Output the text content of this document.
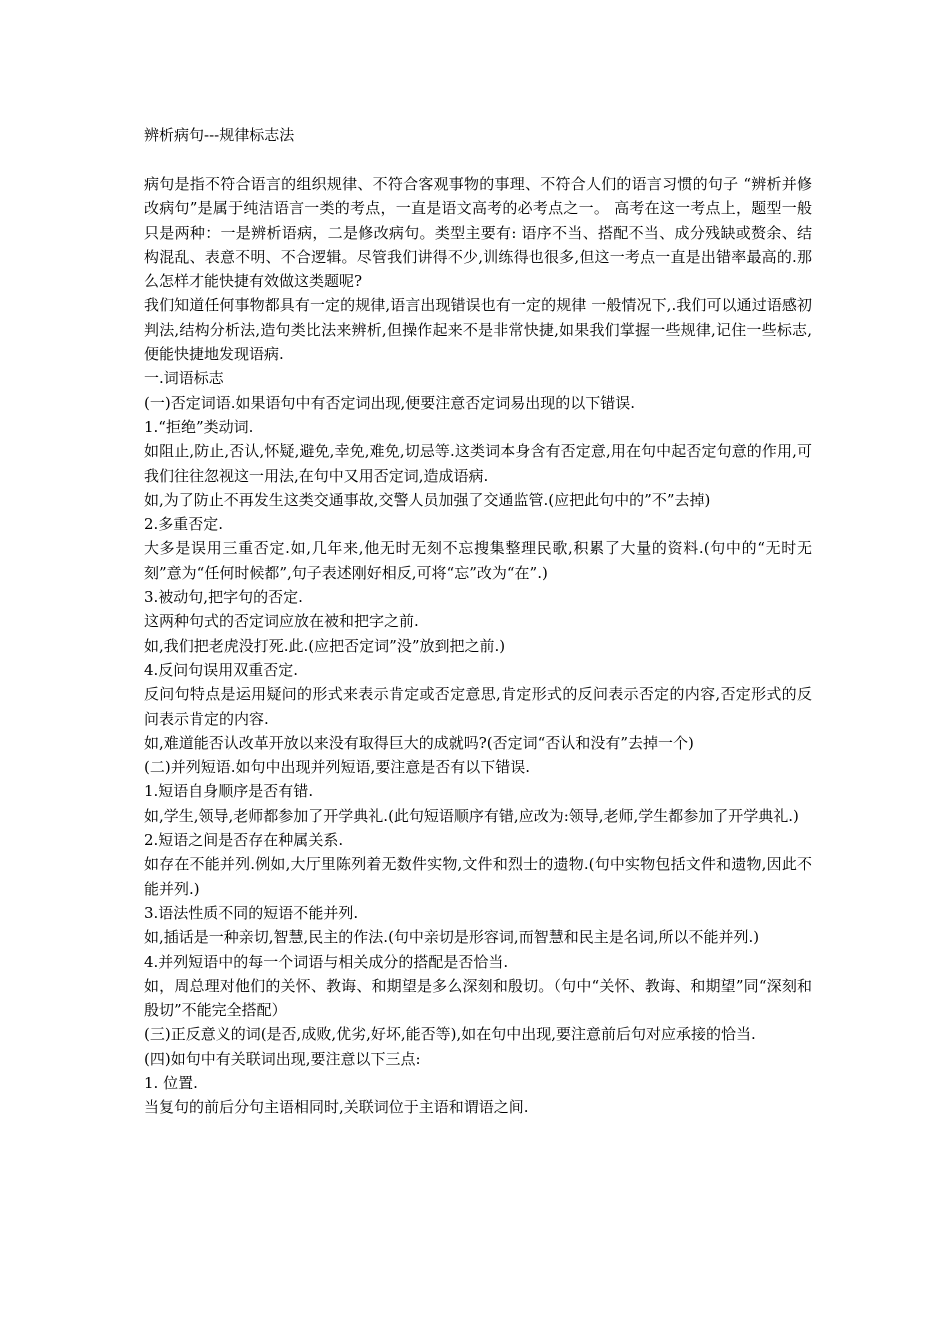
辨析病句---规律标志法

病句是指不符合语言的组织规律、不符合客观事物的事理、不符合人们的语言习惯的句子 “辨析并修改病句”是属于纯洁语言一类的考点，一直是语文高考的必考点之一。 高考在这一考点上，题型一般只是两种：一是辨析语病，二是修改病句。类型主要有: 语序不当、搭配不当、成分残缺或赘余、结构混乱、表意不明、不合逻辑。尽管我们讲得不少,训练得也很多,但这一考点一直是出错率最高的.那么怎样才能快捷有效做这类题呢?

我们知道任何事物都具有一定的规律,语言出现错误也有一定的规律 一般情况下,.我们可以通过语感初判法,结构分析法,造句类比法来辨析,但操作起来不是非常快捷,如果我们掌握一些规律,记住一些标志,便能快捷地发现语病.

一.词语标志

(一)否定词语.如果语句中有否定词出现,便要注意否定词易出现的以下错误.

1.“拒绝”类动词.

如阻止,防止,否认,怀疑,避免,幸免,难免,切忌等.这类词本身含有否定意,用在句中起否定句意的作用,可我们往往忽视这一用法,在句中又用否定词,造成语病.

如,为了防止不再发生这类交通事故,交警人员加强了交通监管.(应把此句中的”不”去掉)

2.多重否定.

大多是误用三重否定.如,几年来,他无时无刻不忘搜集整理民歌,积累了大量的资料.(句中的“无时无刻”意为“任何时候都”,句子表述刚好相反,可将“忘”改为“在”.)

3.被动句,把字句的否定.

这两种句式的否定词应放在被和把字之前.

如,我们把老虎没打死.此.(应把否定词”没”放到把之前.)

4.反问句误用双重否定.

反问句特点是运用疑问的形式来表示肯定或否定意思,肯定形式的反问表示否定的内容,否定形式的反问表示肯定的内容.

如,难道能否认改革开放以来没有取得巨大的成就吗?(否定词“否认和没有”去掉一个)

(二)并列短语.如句中出现并列短语,要注意是否有以下错误.

1.短语自身顺序是否有错.

如,学生,领导,老师都参加了开学典礼.(此句短语顺序有错,应改为:领导,老师,学生都参加了开学典礼.)

2.短语之间是否存在种属关系.

如存在不能并列.例如,大厅里陈列着无数件实物,文件和烈士的遗物.(句中实物包括文件和遗物,因此不能并列.)

3.语法性质不同的短语不能并列.

如,插话是一种亲切,智慧,民主的作法.(句中亲切是形容词,而智慧和民主是名词,所以不能并列.)

4.并列短语中的每一个词语与相关成分的搭配是否恰当.

如，周总理对他们的关怀、教诲、和期望是多么深刻和殷切。（句中“关怀、教诲、和期望”同“深刻和殷切”不能完全搭配）

(三)正反意义的词(是否,成败,优劣,好坏,能否等),如在句中出现,要注意前后句对应承接的恰当.

(四)如句中有关联词出现,要注意以下三点:

1. 位置.

当复句的前后分句主语相同时,关联词位于主语和谓语之间.
